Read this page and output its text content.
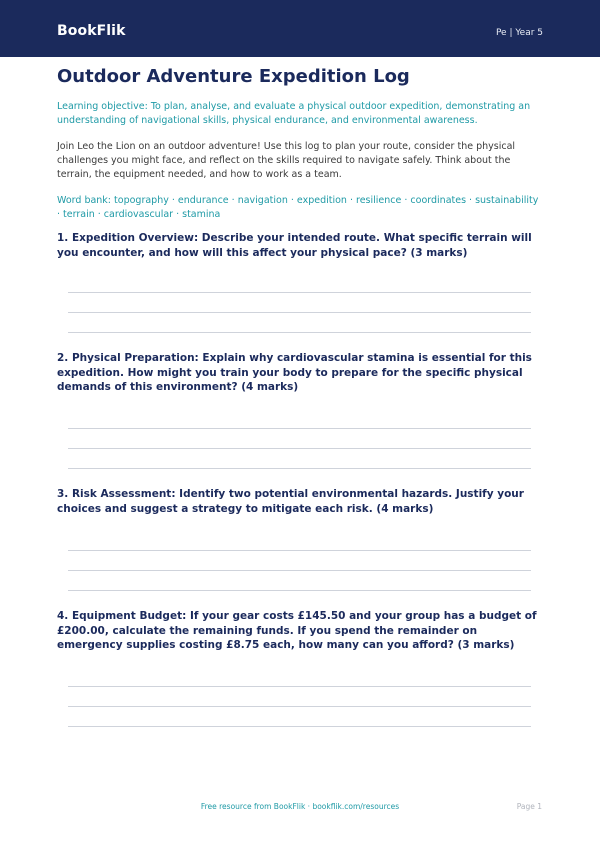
BookFlik	Pe | Year 5
Outdoor Adventure Expedition Log
Learning objective: To plan, analyse, and evaluate a physical outdoor expedition, demonstrating an understanding of navigational skills, physical endurance, and environmental awareness.
Join Leo the Lion on an outdoor adventure! Use this log to plan your route, consider the physical challenges you might face, and reflect on the skills required to navigate safely. Think about the terrain, the equipment needed, and how to work as a team.
Word bank: topography · endurance · navigation · expedition · resilience · coordinates · sustainability · terrain · cardiovascular · stamina
1. Expedition Overview: Describe your intended route. What specific terrain will you encounter, and how will this affect your physical pace? (3 marks)
2. Physical Preparation: Explain why cardiovascular stamina is essential for this expedition. How might you train your body to prepare for the specific physical demands of this environment? (4 marks)
3. Risk Assessment: Identify two potential environmental hazards. Justify your choices and suggest a strategy to mitigate each risk. (4 marks)
4. Equipment Budget: If your gear costs £145.50 and your group has a budget of £200.00, calculate the remaining funds. If you spend the remainder on emergency supplies costing £8.75 each, how many can you afford? (3 marks)
Free resource from BookFlik · bookflik.com/resources	Page 1
